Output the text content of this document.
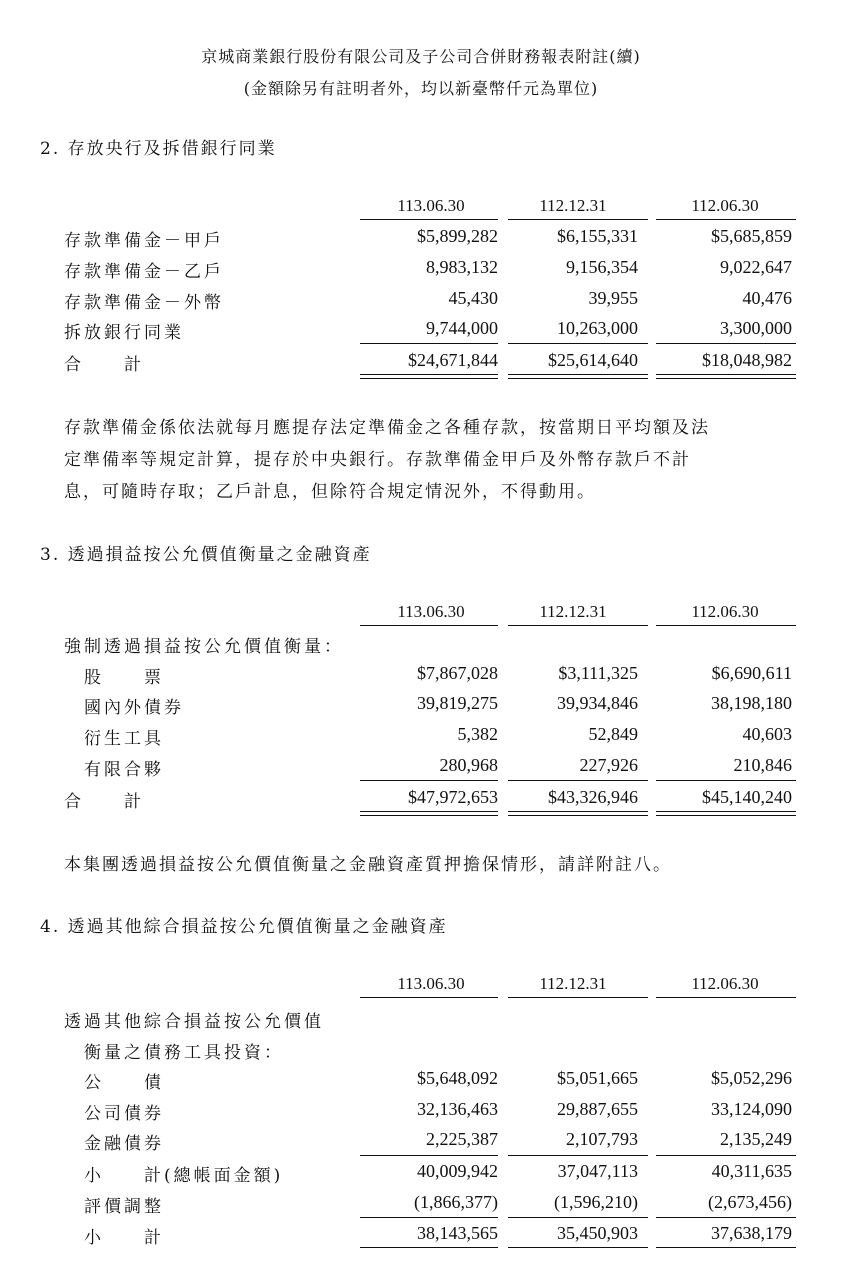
京城商業銀行股份有限公司及子公司合併財務報表附註(續)
(金額除另有註明者外，均以新臺幣仟元為單位)
2. 存放央行及拆借銀行同業
113.06.30	112.12.31	112.06.30
存款準備金－甲戶	$5,899,282	$6,155,331	$5,685,859
存款準備金－乙戶	8,983,132	9,156,354	9,022,647
存款準備金－外幣	45,430	39,955	40,476
拆放銀行同業	9,744,000	10,263,000	3,300,000
合　　計	$24,671,844	$25,614,640	$18,048,982
存款準備金係依法就每月應提存法定準備金之各種存款，按當期日平均額及法
定準備率等規定計算，提存於中央銀行。存款準備金甲戶及外幣存款戶不計
息，可隨時存取；乙戶計息，但除符合規定情況外，不得動用。
3. 透過損益按公允價值衡量之金融資產
113.06.30	112.12.31	112.06.30
強制透過損益按公允價值衡量：
股　　票	$7,867,028	$3,111,325	$6,690,611
國內外債券	39,819,275	39,934,846	38,198,180
衍生工具	5,382	52,849	40,603
有限合夥	280,968	227,926	210,846
合　　計	$47,972,653	$43,326,946	$45,140,240
本集團透過損益按公允價值衡量之金融資產質押擔保情形，請詳附註八。
4. 透過其他綜合損益按公允價值衡量之金融資產
113.06.30	112.12.31	112.06.30
透過其他綜合損益按公允價值
衡量之債務工具投資：
公　　債	$5,648,092	$5,051,665	$5,052,296
公司債券	32,136,463	29,887,655	33,124,090
金融債券	2,225,387	2,107,793	2,135,249
小　　計(總帳面金額)	40,009,942	37,047,113	40,311,635
評價調整	(1,866,377)	(1,596,210)	(2,673,456)
小　　計	38,143,565	35,450,903	37,638,179
